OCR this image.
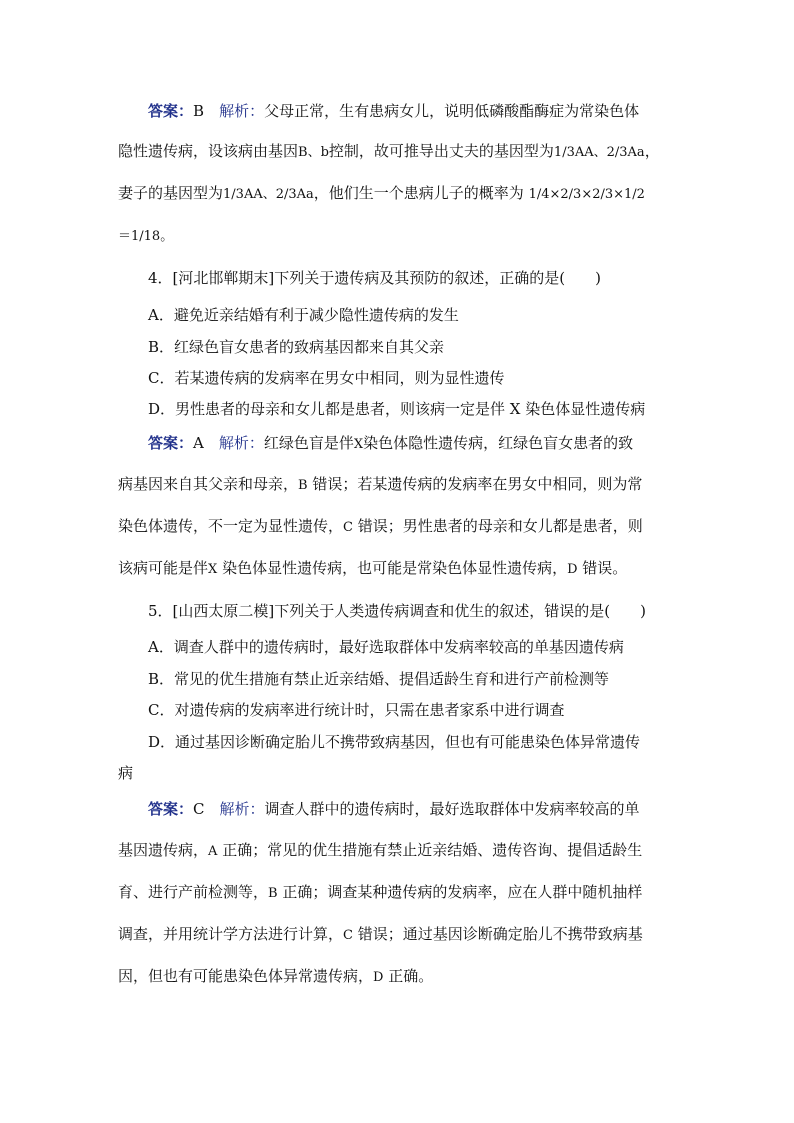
答案：B　 解析：父母正常，生有患病女儿，说明低磷酸酯酶症为常染色体
隐性遗传病，设该病由基因B、b控制，故可推导出丈夫的基因型为1/3AA、2/3Aa，
妻子的基因型为1/3AA、2/3Aa，他们生一个患病儿子的概率为 1/4×2/3×2/3×1/2
＝1/18。
4．[河北邯郸期末]下列关于遗传病及其预防的叙述，正确的是(　　)
A．避免近亲结婚有利于减少隐性遗传病的发生
B．红绿色盲女患者的致病基因都来自其父亲
C．若某遗传病的发病率在男女中相同，则为显性遗传
D．男性患者的母亲和女儿都是患者，则该病一定是伴 X 染色体显性遗传病
答案：A　 解析：红绿色盲是伴X染色体隐性遗传病，红绿色盲女患者的致
病基因来自其父亲和母亲，B 错误；若某遗传病的发病率在男女中相同，则为常
染色体遗传，不一定为显性遗传，C 错误；男性患者的母亲和女儿都是患者，则
该病可能是伴X 染色体显性遗传病，也可能是常染色体显性遗传病，D 错误。
5．[山西太原二模]下列关于人类遗传病调查和优生的叙述，错误的是(　　)
A．调查人群中的遗传病时，最好选取群体中发病率较高的单基因遗传病
B．常见的优生措施有禁止近亲结婚、提倡适龄生育和进行产前检测等
C．对遗传病的发病率进行统计时，只需在患者家系中进行调查
D．通过基因诊断确定胎儿不携带致病基因，但也有可能患染色体异常遗传
病
答案：C　 解析：调查人群中的遗传病时，最好选取群体中发病率较高的单
基因遗传病，A 正确；常见的优生措施有禁止近亲结婚、遗传咨询、提倡适龄生
育、进行产前检测等，B 正确；调查某种遗传病的发病率，应在人群中随机抽样
调查，并用统计学方法进行计算，C 错误；通过基因诊断确定胎儿不携带致病基
因，但也有可能患染色体异常遗传病，D 正确。
